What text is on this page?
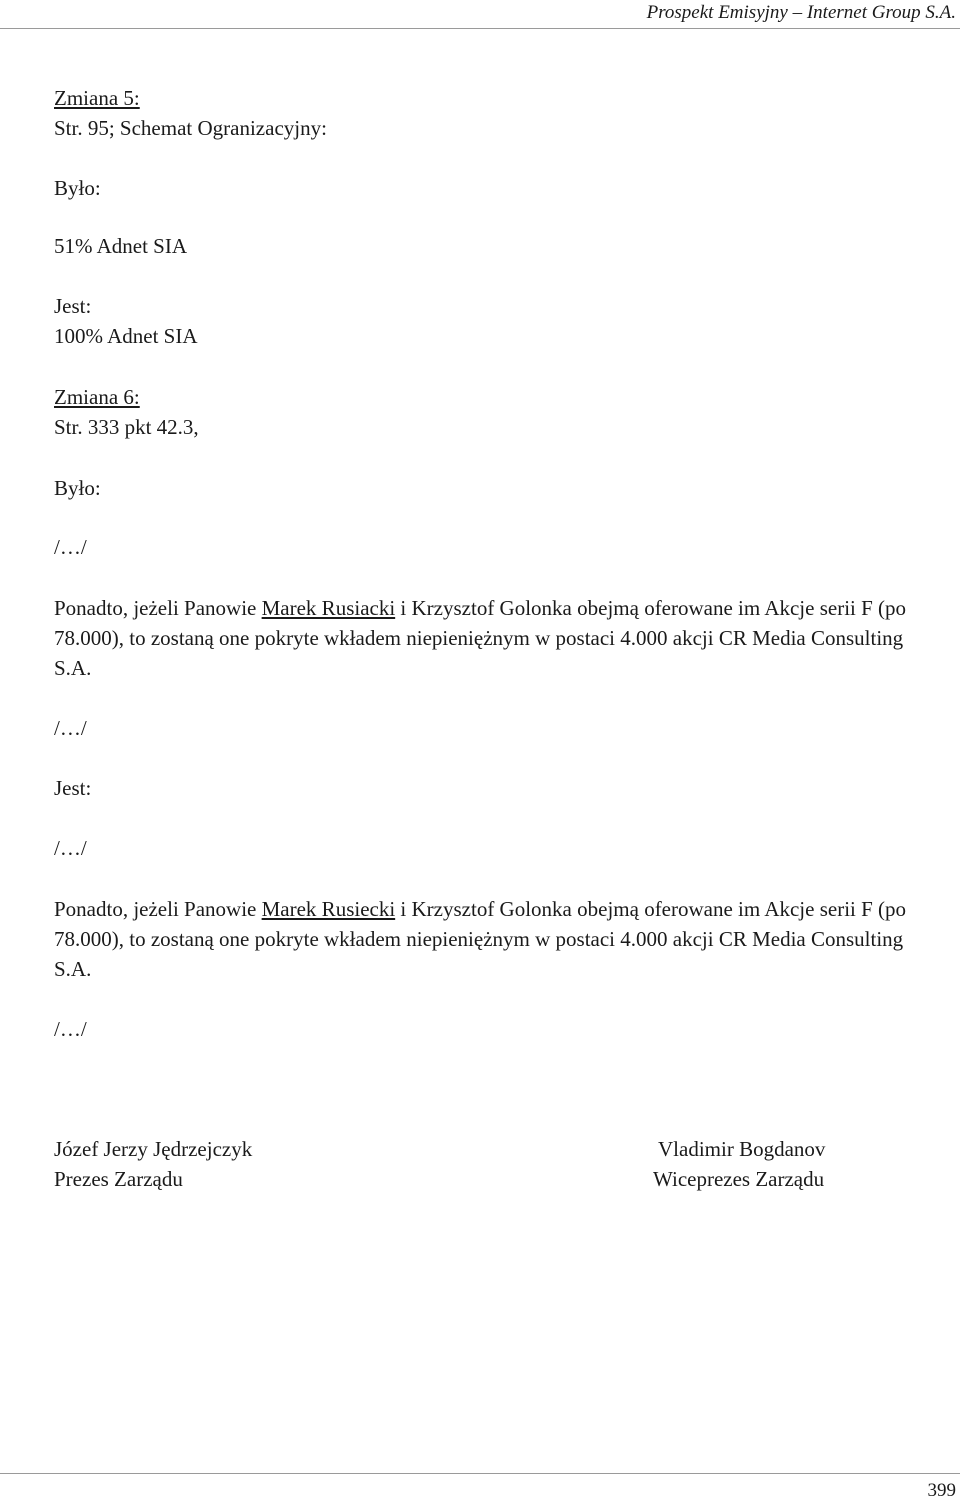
Prospekt Emisyjny – Internet Group S.A.
Zmiana 5:
Str. 95; Schemat Ogranizacyjny:
Było:
51% Adnet SIA
Jest:
100% Adnet SIA
Zmiana 6:
Str. 333 pkt 42.3,
Było:
/…/
Ponadto, jeżeli Panowie Marek Rusiacki i Krzysztof Golonka obejmą oferowane im Akcje serii F (po 78.000), to zostaną one pokryte wkładem niepieniężnym w postaci 4.000 akcji CR Media Consulting S.A.
/…/
Jest:
/…/
Ponadto, jeżeli Panowie Marek Rusiecki i Krzysztof Golonka obejmą oferowane im Akcje serii F (po 78.000), to zostaną one pokryte wkładem niepieniężnym w postaci 4.000 akcji CR Media Consulting S.A.
/…/
Józef Jerzy Jędrzejczyk
Prezes Zarządu
Vladimir Bogdanov
Wiceprezes Zarządu
399
